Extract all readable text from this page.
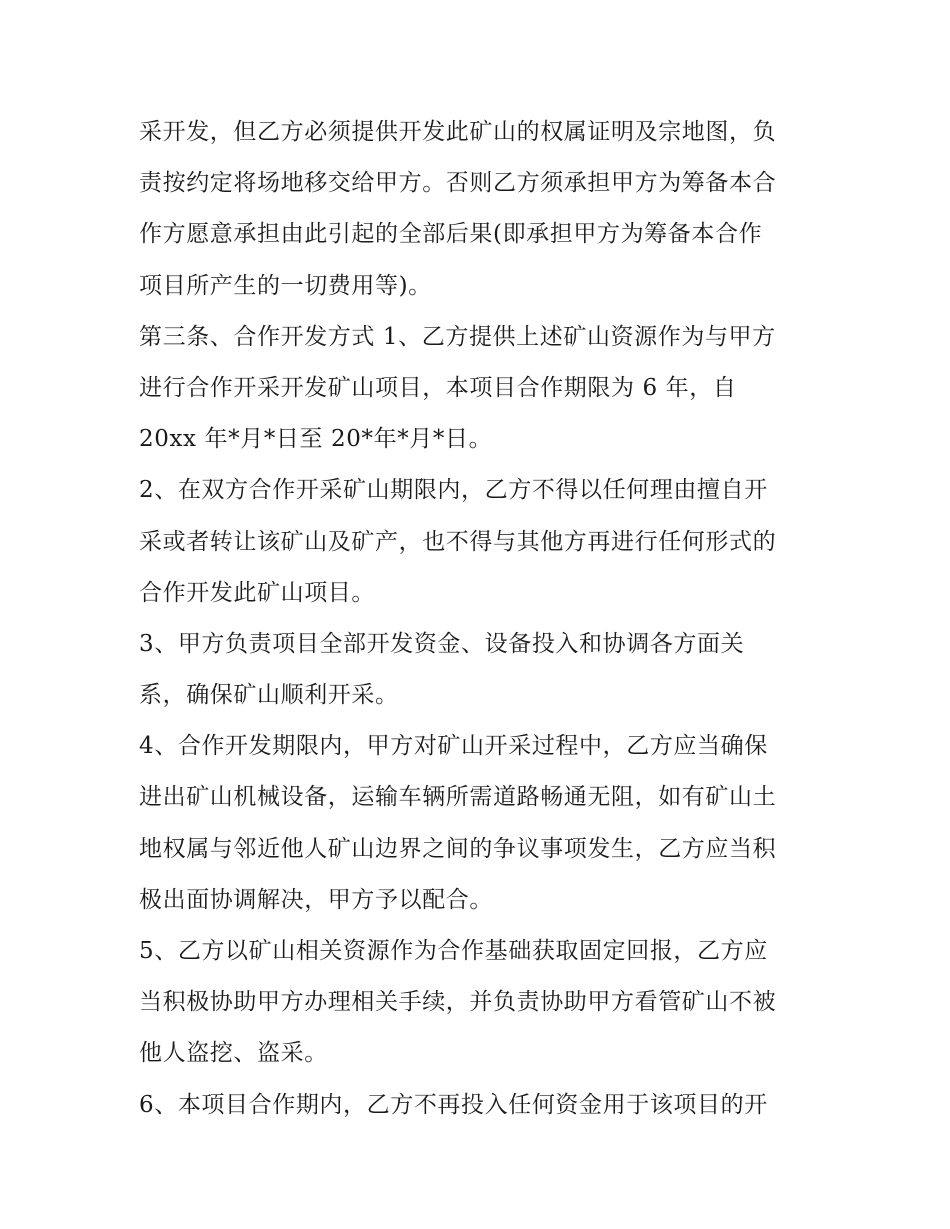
采开发，但乙方必须提供开发此矿山的权属证明及宗地图，负
责按约定将场地移交给甲方。否则乙方须承担甲方为筹备本合
作方愿意承担由此引起的全部后果(即承担甲方为筹备本合作
项目所产生的一切费用等)。
第三条、合作开发方式 1、乙方提供上述矿山资源作为与甲方
进行合作开采开发矿山项目，本项目合作期限为 6 年，自
20xx 年*月*日至 20*年*月*日。
2、在双方合作开采矿山期限内，乙方不得以任何理由擅自开
采或者转让该矿山及矿产，也不得与其他方再进行任何形式的
合作开发此矿山项目。
3、甲方负责项目全部开发资金、设备投入和协调各方面关
系，确保矿山顺利开采。
4、合作开发期限内，甲方对矿山开采过程中，乙方应当确保
进出矿山机械设备，运输车辆所需道路畅通无阻，如有矿山土
地权属与邻近他人矿山边界之间的争议事项发生，乙方应当积
极出面协调解决，甲方予以配合。
5、乙方以矿山相关资源作为合作基础获取固定回报，乙方应
当积极协助甲方办理相关手续，并负责协助甲方看管矿山不被
他人盗挖、盗采。
6、本项目合作期内，乙方不再投入任何资金用于该项目的开
